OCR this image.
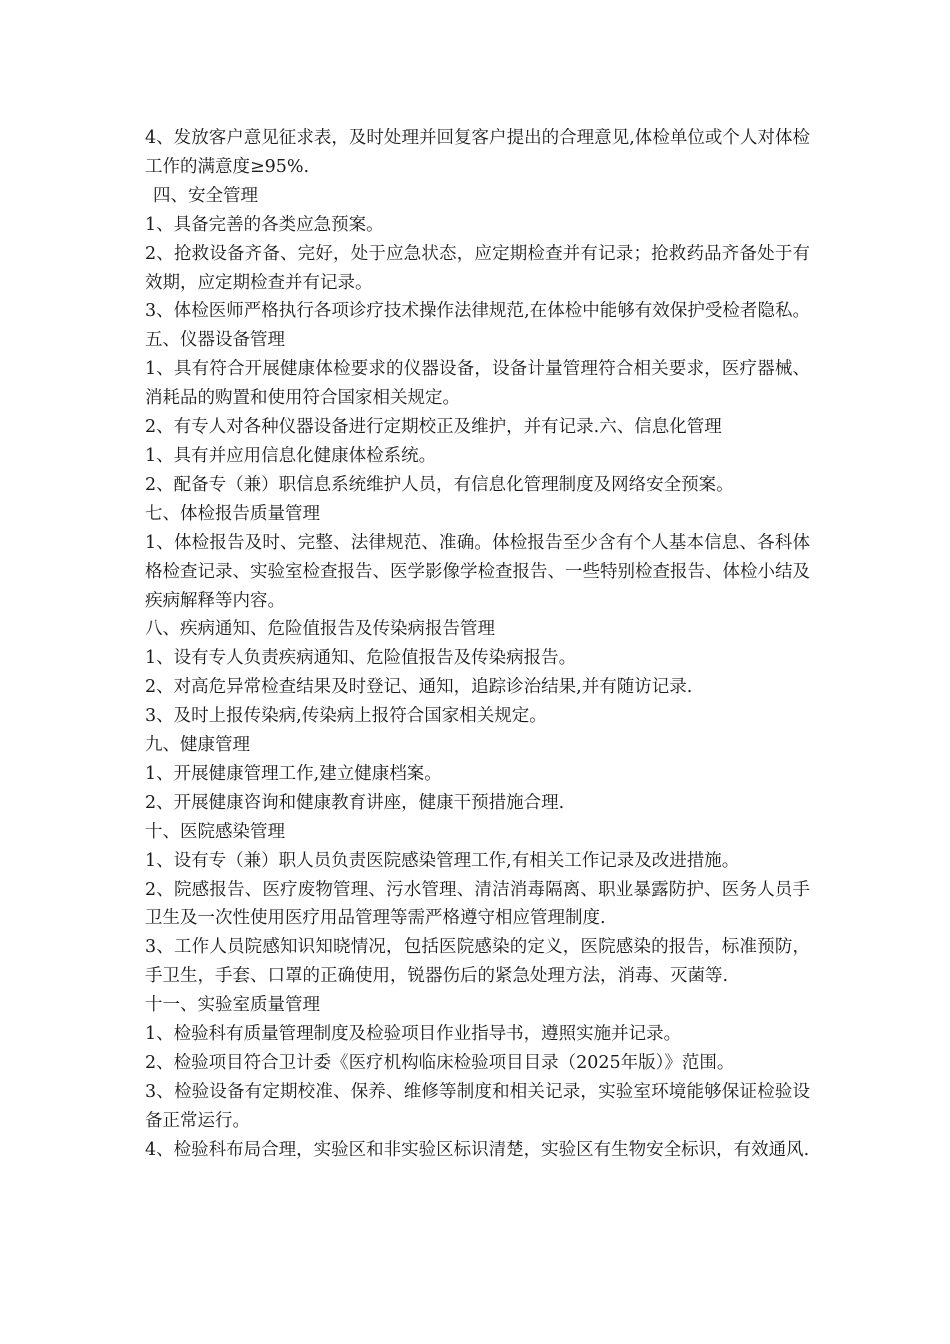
4、发放客户意见征求表，及时处理并回复客户提出的合理意见,体检单位或个人对体检工作的满意度≥95%.

四、安全管理

1、具备完善的各类应急预案。

2、抢救设备齐备、完好，处于应急状态，应定期检查并有记录；抢救药品齐备处于有效期，应定期检查并有记录。

3、体检医师严格执行各项诊疗技术操作法律规范,在体检中能够有效保护受检者隐私。五、仪器设备管理

1、具有符合开展健康体检要求的仪器设备，设备计量管理符合相关要求，医疗器械、消耗品的购置和使用符合国家相关规定。

2、有专人对各种仪器设备进行定期校正及维护，并有记录.六、信息化管理

1、具有并应用信息化健康体检系统。

2、配备专（兼）职信息系统维护人员，有信息化管理制度及网络安全预案。

七、体检报告质量管理

1、体检报告及时、完整、法律规范、准确。体检报告至少含有个人基本信息、各科体格检查记录、实验室检查报告、医学影像学检查报告、一些特别检查报告、体检小结及疾病解释等内容。

八、疾病通知、危险值报告及传染病报告管理

1、设有专人负责疾病通知、危险值报告及传染病报告。

2、对高危异常检查结果及时登记、通知，追踪诊治结果,并有随访记录.

3、及时上报传染病,传染病上报符合国家相关规定。

九、健康管理

1、开展健康管理工作,建立健康档案。

2、开展健康咨询和健康教育讲座，健康干预措施合理.

十、医院感染管理

1、设有专（兼）职人员负责医院感染管理工作,有相关工作记录及改进措施。

2、院感报告、医疗废物管理、污水管理、清洁消毒隔离、职业暴露防护、医务人员手卫生及一次性使用医疗用品管理等需严格遵守相应管理制度.

3、工作人员院感知识知晓情况，包括医院感染的定义，医院感染的报告，标准预防，手卫生，手套、口罩的正确使用，锐器伤后的紧急处理方法，消毒、灭菌等.

十一、实验室质量管理

1、检验科有质量管理制度及检验项目作业指导书，遵照实施并记录。

2、检验项目符合卫计委《医疗机构临床检验项目目录（2025年版）》范围。

3、检验设备有定期校准、保养、维修等制度和相关记录，实验室环境能够保证检验设备正常运行。

4、检验科布局合理，实验区和非实验区标识清楚，实验区有生物安全标识，有效通风.
